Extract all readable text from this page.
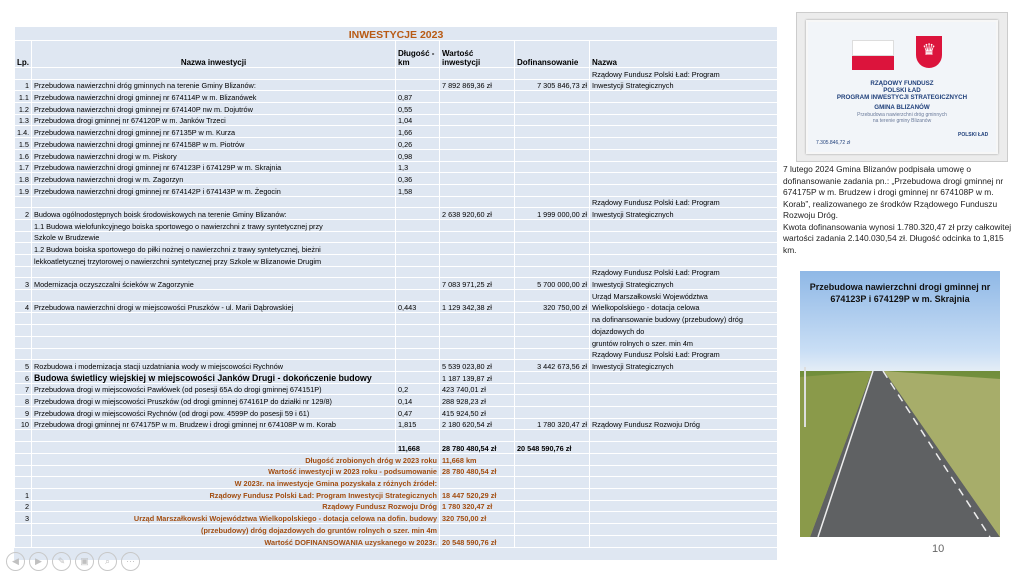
INWESTYCJE 2023					
Lp.	Nazwa inwestycji	Długość - km	Wartość inwestycji	Dofinansowanie	Nazwa
					Rządowy Fundusz Polski Ład: Program
1	Przebudowa nawierzchni dróg gminnych na terenie Gminy Blizanów:		7 892 869,36 zł	7 305 846,73 zł	Inwestycji Strategicznych
1.1	Przebudowa nawierzchni drogi gminnej nr 674114P w m. Blizanówek	0,87			
1.2	Przebudowa nawierzchni drogi gminnej nr 674140P nw m. Dojutrów	0,55			
1.3	Przebudowa drogi gminnej nr 674120P w m. Janków Trzeci	1,04			
1.4.	Przebudowa nawierzchni drogi gminnej nr 67135P w m. Kurza	1,66			
1.5	Przebudowa nawierzchni drogi gminnej nr 674158P w m. Piotrów	0,26			
1.6	Przebudowa nawierzchni drogi w m. Piskory	0,98			
1.7	Przebudowa nawierzchni drogi gminnej nr 674123P i 674129P w m. Skrajnia	1,3			
1.8	Przebudowa nawierzchni drogi w m. Zagorzyn	0,36			
1.9	Przebudowa nawierzchni drogi gminnej nr 674142P i 674143P w m. Żegocin	1,58			
					Rządowy Fundusz Polski Ład: Program
2	Budowa ogólnodostępnych boisk środowiskowych na terenie Gminy Blizanów:		2 638 920,60 zł	1 999 000,00 zł	Inwestycji Strategicznych
	1.1 Budowa wielofunkcyjnego boiska sportowego o nawierzchni z trawy syntetycznej przy				
	Szkole w Brudzewie				
	1.2 Budowa boiska sportowego do piłki nożnej o nawierzchni z trawy syntetycznej, bieżni				
	lekkoatletycznej trzytorowej o nawierzchni syntetycznej przy Szkole w Blizanowie Drugim				
					Rządowy Fundusz Polski Ład: Program
3	Modernizacja oczyszczalni ścieków w Zagorzynie		7 083 971,25 zł	5 700 000,00 zł	Inwestycji Strategicznych
					Urząd Marszałkowski Województwa
4	Przebudowa nawierzchni drogi w miejscowości Pruszków - ul. Marii Dąbrowskiej	0,443	1 129 342,38 zł	320 750,00 zł	Wielkopolskiego - dotacja celowa
					na dofinansowanie budowy (przebudowy) dróg
					dojazdowych do
					gruntów rolnych o szer. min 4m
					Rządowy Fundusz Polski Ład: Program
5	Rozbudowa i modernizacja stacji uzdatniania wody w miejscowości Rychnów		5 539 023,80 zł	3 442 673,56 zł	Inwestycji Strategicznych
6	Budowa świetlicy wiejskiej w miejscowości Janków Drugi - dokończenie budowy		1 187 139,87 zł		
7	Przebudowa drogi w miejscowości Pawłówek (od posesji 65A do drogi gminnej 674151P)	0,2	423 740,01 zł		
8	Przebudowa drogi w miejscowości Pruszków (od drogi gminnej 674161P do działki nr 129/8)	0,14	288 928,23 zł		
9	Przebudowa drogi w miejscowości Rychnów (od drogi pow. 4599P do posesji 59 i 61)	0,47	415 924,50 zł		
10	Przebudowa drogi gminnej nr 674175P w m. Brudzew i drogi gminnej nr 674108P w m. Korab	1,815	2 180 620,54 zł	1 780 320,47 zł	Rządowy Fundusz Rozwoju Dróg

		11,668	28 780 480,54 zł	20 548 590,76 zł	
	Długość zrobionych dróg w 2023 roku		11,668 km		
	Wartość inwestycji w 2023 roku - podsumowanie		28 780 480,54 zł		
	W 2023r. na inwestycje Gmina pozyskała z różnych źródeł:				
1	Rządowy Fundusz Polski Ład: Program Inwestycji Strategicznych		18 447 520,29 zł		
2	Rządowy Fundusz Rozwoju Dróg		1 780 320,47 zł		
3	Urząd Marszałkowski Województwa Wielkopolskiego - dotacja celowa na dofin. budowy		320 750,00 zł		
	(przebudowy) dróg dojazdowych do gruntów rolnych o szer. min 4m				
	Wartość DOFINANSOWANIA uzyskanego w 2023r.		20 548 590,76 zł		
♛
RZĄDOWY FUNDUSZ
POLSKI ŁAD
PROGRAM INWESTYCJI STRATEGICZNYCH
GMINA BLIZANÓW
Przebudowa nawierzchni dróg gminnych
na terenie gminy Blizanów
7.305.846,72 zł
POLSKI ŁAD

7 lutego 2024 Gmina Blizanów podpisała umowę o dofinansowanie zadania pn.: „Przebudowa drogi gminnej nr 674175P w m. Brudzew i drogi gminnej nr 674108P w m. Korab”, realizowanego ze środków Rządowego Funduszu Rozwoju Dróg.

Kwota dofinansowania wynosi 1.780.320,47 zł przy całkowitej wartości zadania 2.140.030,54 zł. Długość odcinka to 1,815 km.

Przebudowa nawierzchni drogi gminnej nr 674123P i 674129P w m. Skrajnia
10
◀	▶	✎	▣	⌕	···
